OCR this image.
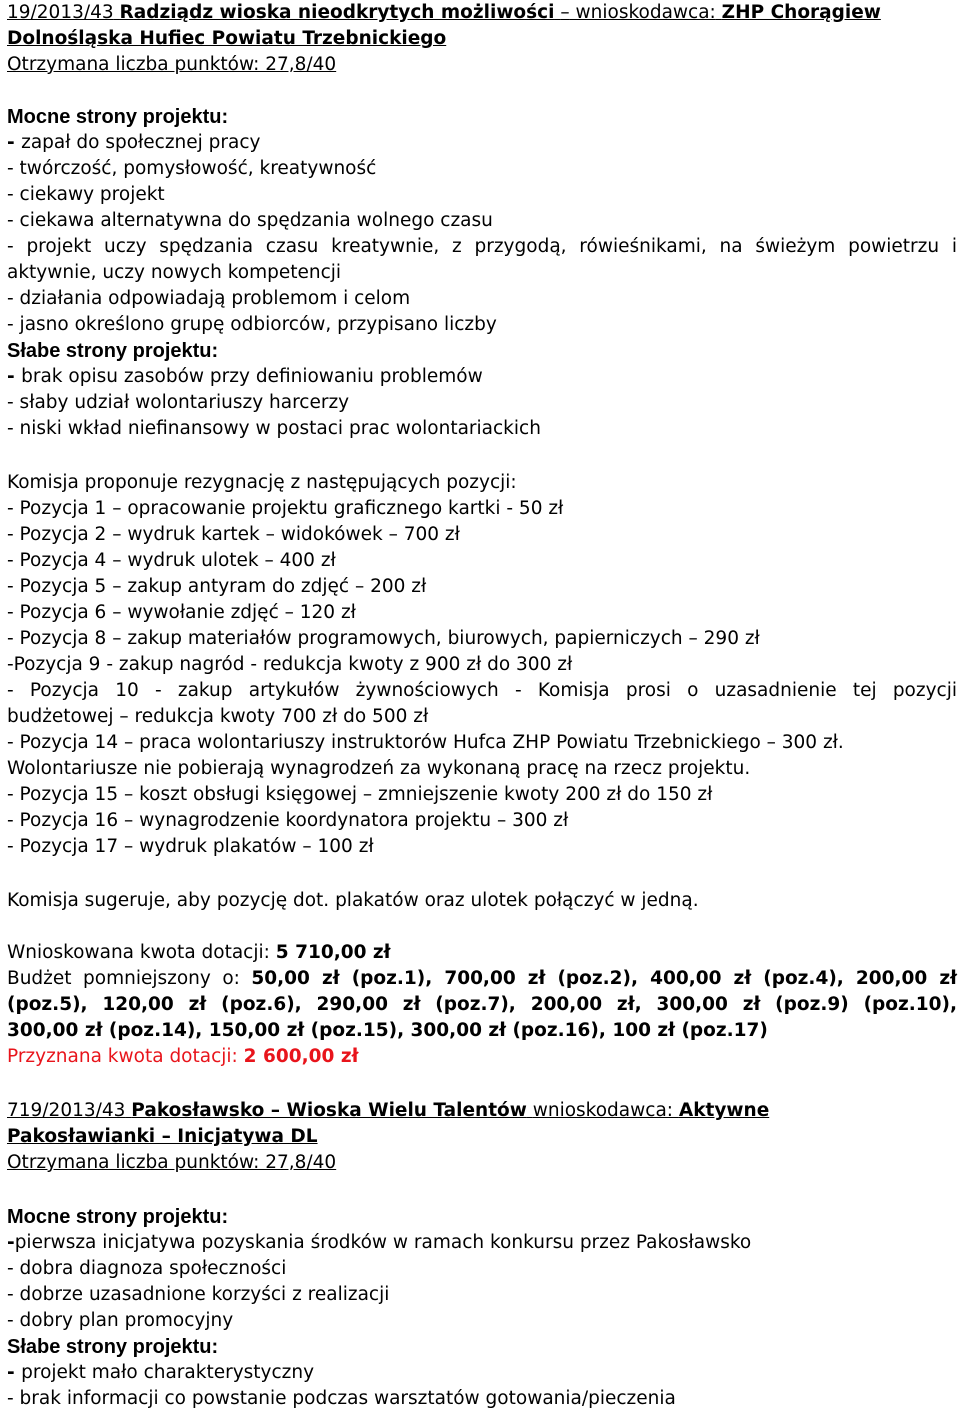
19/2013/43 Radziądz wioska nieodkrytych możliwości – wnioskodawca: ZHP Chorągiew
Dolnośląska Hufiec Powiatu Trzebnickiego
Otrzymana liczba punktów: 27,8/40
Mocne strony projektu:
- zapał do społecznej pracy
- twórczość, pomysłowość, kreatywność
- ciekawy projekt
- ciekawa alternatywna do spędzania wolnego czasu
- projekt uczy spędzania czasu kreatywnie, z przygodą, rówieśnikami, na świeżym powietrzu i
aktywnie, uczy nowych kompetencji
- działania odpowiadają problemom i celom
- jasno określono grupę odbiorców, przypisano liczby
Słabe strony projektu:
- brak opisu zasobów przy definiowaniu problemów
- słaby udział wolontariuszy harcerzy
- niski wkład niefinansowy w postaci prac wolontariackich
Komisja proponuje rezygnację z następujących pozycji:
- Pozycja 1 – opracowanie projektu graficznego kartki - 50 zł
- Pozycja 2 – wydruk kartek – widokówek – 700 zł
- Pozycja 4 – wydruk ulotek – 400 zł
- Pozycja 5 – zakup antyram do zdjęć – 200 zł
- Pozycja 6 – wywołanie zdjęć – 120 zł
- Pozycja 8 – zakup materiałów programowych, biurowych, papierniczych – 290 zł
-Pozycja 9 - zakup nagród - redukcja kwoty z 900 zł do 300 zł
- Pozycja 10 - zakup artykułów żywnościowych - Komisja prosi o uzasadnienie tej pozycji
budżetowej – redukcja kwoty 700 zł do 500 zł
- Pozycja 14 – praca wolontariuszy instruktorów Hufca ZHP Powiatu Trzebnickiego – 300 zł.
Wolontariusze nie pobierają wynagrodzeń za wykonaną pracę na rzecz projektu.
- Pozycja 15 – koszt obsługi księgowej – zmniejszenie kwoty 200 zł do 150 zł
- Pozycja 16 – wynagrodzenie koordynatora projektu – 300 zł
- Pozycja 17 – wydruk plakatów – 100 zł
Komisja sugeruje, aby pozycję dot. plakatów oraz ulotek połączyć w jedną.
Wnioskowana kwota dotacji: 5 710,00 zł
Budżet pomniejszony o: 50,00 zł (poz.1), 700,00 zł (poz.2), 400,00 zł (poz.4), 200,00 zł
(poz.5), 120,00 zł (poz.6), 290,00 zł (poz.7), 200,00 zł, 300,00 zł (poz.9) (poz.10),
300,00 zł (poz.14), 150,00 zł (poz.15), 300,00 zł (poz.16), 100 zł (poz.17)
Przyznana kwota dotacji: 2 600,00 zł
719/2013/43 Pakosławsko – Wioska Wielu Talentów wnioskodawca: Aktywne
Pakosławianki – Inicjatywa DL
Otrzymana liczba punktów: 27,8/40
Mocne strony projektu:
-pierwsza inicjatywa pozyskania środków w ramach konkursu przez Pakosławsko
- dobra diagnoza społeczności
- dobrze uzasadnione korzyści z realizacji
- dobry plan promocyjny
Słabe strony projektu:
- projekt mało charakterystyczny
- brak informacji co powstanie podczas warsztatów gotowania/pieczenia
